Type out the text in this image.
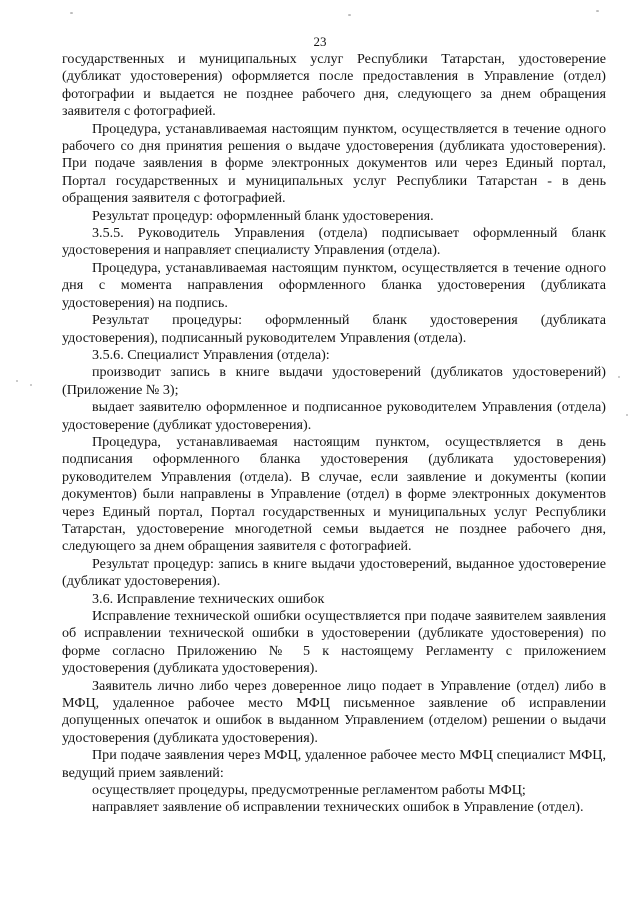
23

государственных и муниципальных услуг Республики Татарстан, удостоверение (дубликат удостоверения) оформляется после предоставления в Управление (отдел) фотографии и выдается не позднее рабочего дня, следующего за днем обращения заявителя с фотографией.

Процедура, устанавливаемая настоящим пунктом, осуществляется в течение одного рабочего со дня принятия решения о выдаче удостоверения (дубликата удостоверения). При подаче заявления в форме электронных документов или через Единый портал, Портал государственных и муниципальных услуг Республики Татарстан - в день обращения заявителя с фотографией.

Результат процедур: оформленный бланк удостоверения.

3.5.5. Руководитель Управления (отдела) подписывает оформленный бланк удостоверения и направляет специалисту Управления (отдела).

Процедура, устанавливаемая настоящим пунктом, осуществляется в течение одного дня с момента направления оформленного бланка удостоверения (дубликата удостоверения) на подпись.

Результат процедуры: оформленный бланк удостоверения (дубликата удостоверения), подписанный руководителем Управления (отдела).

3.5.6. Специалист Управления (отдела):

производит запись в книге выдачи удостоверений (дубликатов удостоверений) (Приложение № 3);

выдает заявителю оформленное и подписанное руководителем Управления (отдела) удостоверение (дубликат удостоверения).

Процедура, устанавливаемая настоящим пунктом, осуществляется в день подписания оформленного бланка удостоверения (дубликата удостоверения) руководителем Управления (отдела). В случае, если заявление и документы (копии документов) были направлены в Управление (отдел) в форме электронных документов через Единый портал, Портал государственных и муниципальных услуг Республики Татарстан, удостоверение многодетной семьи выдается не позднее рабочего дня, следующего за днем обращения заявителя с фотографией.

Результат процедур: запись в книге выдачи удостоверений, выданное удостоверение (дубликат удостоверения).

3.6. Исправление технических ошибок

Исправление технической ошибки осуществляется при подаче заявителем заявления об исправлении технической ошибки в удостоверении (дубликате удостоверения) по форме согласно Приложению № 5 к настоящему Регламенту с приложением удостоверения (дубликата удостоверения).

Заявитель лично либо через доверенное лицо подает в Управление (отдел) либо в МФЦ, удаленное рабочее место МФЦ письменное заявление об исправлении допущенных опечаток и ошибок в выданном Управлением (отделом) решении о выдачи удостоверения (дубликата удостоверения).

При подаче заявления через МФЦ, удаленное рабочее место МФЦ специалист МФЦ, ведущий прием заявлений:

осуществляет процедуры, предусмотренные регламентом работы МФЦ;

направляет заявление об исправлении технических ошибок в Управление (отдел).
